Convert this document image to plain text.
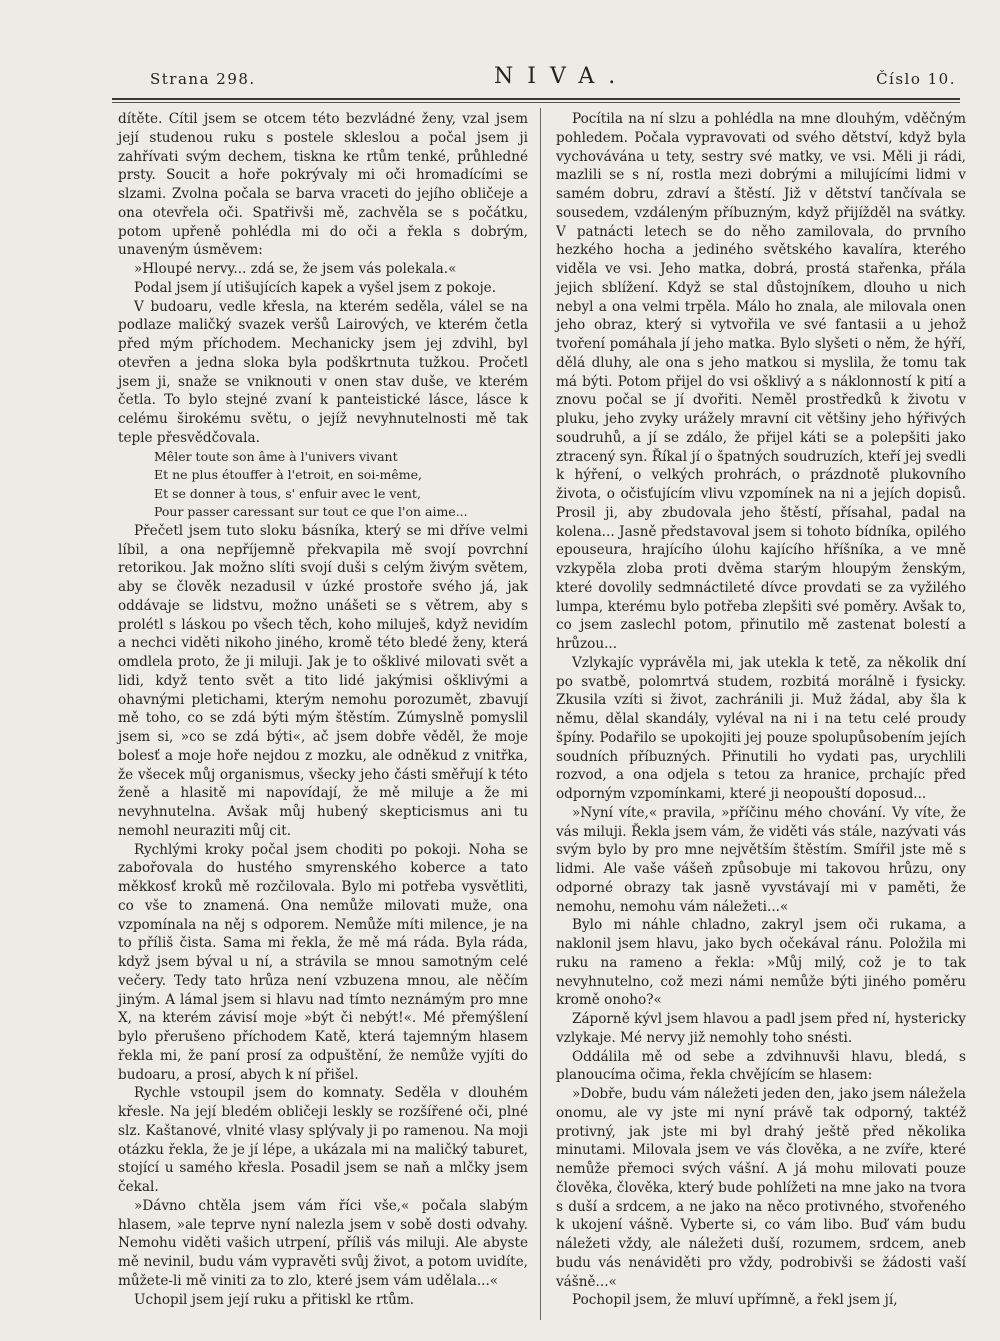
Strana 298.	NIVA.	Číslo 10.

dítěte. Cítil jsem se otcem této bezvládné ženy, vzal jsem její studenou ruku s postele skleslou a počal jsem ji zahřívati svým dechem, tiskna ke rtům tenké, průhledné prsty. Soucit a hoře pokrývaly mi oči hromadícími se slzami. Zvolna počala se barva vraceti do jejího obličeje a ona otevřela oči. Spatřivši mě, zachvěla se s počátku, potom upřeně pohlédla mi do oči a řekla s dobrým, unaveným úsměvem:

»Hloupé nervy... zdá se, že jsem vás polekala.«

Podal jsem jí utišujících kapek a vyšel jsem z pokoje.

V budoaru, vedle křesla, na kterém seděla, válel se na podlaze maličký svazek veršů Lairových, ve kterém četla před mým příchodem. Mechanicky jsem jej zdvihl, byl otevřen a jedna sloka byla podškrtnuta tužkou. Pročetl jsem ji, snaže se vniknouti v onen stav duše, ve kterém četla. To bylo stejné zvaní k panteistické lásce, lásce k celému širokému světu, o jejíž nevyhnutelnosti mě tak teple přesvědčovala.

Mêler toute son âme à l'univers vivant
Et ne plus étouffer à l'etroit, en soi-même,
Et se donner à tous, s' enfuir avec le vent,
Pour passer caressant sur tout ce que l'on aime...

Přečetl jsem tuto sloku básníka, který se mi dříve velmi líbil, a ona nepříjemně překvapila mě svojí povrchní retorikou. Jak možno slíti svojí duši s celým živým světem, aby se člověk nezadusil v úzké prostoře svého já, jak oddávaje se lidstvu, možno unášeti se s větrem, aby s prolétl s láskou po všech těch, koho miluješ, když nevidím a nechci viděti nikoho jiného, kromě této bledé ženy, která omdlela proto, že ji miluji. Jak je to ošklivé milovati svět a lidi, když tento svět a tito lidé jakýmisi ošklivými a ohavnými pletichami, kterým nemohu porozumět, zbavují mě toho, co se zdá býti mým štěstím. Zúmyslně pomyslil jsem si, »co se zdá býti«, ač jsem dobře věděl, že moje bolesť a moje hoře nejdou z mozku, ale odněkud z vnitřka, že všecek můj organismus, všecky jeho části směřují k této ženě a hlasitě mi napovídají, že mě miluje a že mi nevyhnutelna. Avšak můj hubený skepticismus ani tu nemohl neuraziti můj cit.

Rychlými kroky počal jsem choditi po pokoji. Noha se zabořovala do hustého smyrenského koberce a tato měkkosť kroků mě rozčilovala. Bylo mi potřeba vysvětliti, co vše to znamená. Ona nemůže milovati muže, ona vzpomínala na něj s odporem. Nemůže míti milence, je na to příliš čista. Sama mi řekla, že mě má ráda. Byla ráda, když jsem býval u ní, a strávila se mnou samotným celé večery. Tedy tato hrůza není vzbuzena mnou, ale něčím jiným. A lámal jsem si hlavu nad tímto neznámým pro mne X, na kterém závisí moje »být či nebýt!«. Mé přemýšlení bylo přerušeno příchodem Katě, která tajemným hlasem řekla mi, že paní prosí za odpuštění, že nemůže vyjíti do budoaru, a prosí, abych k ní přišel.

Rychle vstoupil jsem do komnaty. Seděla v dlouhém křesle. Na její bledém obličeji leskly se rozšířené oči, plné slz. Kaštanové, vlnité vlasy splývaly ji po ramenou. Na moji otázku řekla, že je jí lépe, a ukázala mi na maličký taburet, stojící u samého křesla. Posadil jsem se naň a mlčky jsem čekal.

»Dávno chtěla jsem vám říci vše,« počala slabým hlasem, »ale teprve nyní nalezla jsem v sobě dosti odvahy. Nemohu viděti vašich utrpení, příliš vás miluji. Ale abyste mě nevinil, budu vám vypravěti svůj život, a potom uvidíte, můžete-li mě viniti za to zlo, které jsem vám udělala...«

Uchopil jsem její ruku a přitiskl ke rtům.

Pocítila na ní slzu a pohlédla na mne dlouhým, vděčným pohledem. Počala vypravovati od svého dětství, když byla vychovávána u tety, sestry své matky, ve vsi. Měli ji rádi, mazlili se s ní, rostla mezi dobrými a milujícími lidmi v samém dobru, zdraví a štěstí. Již v dětství tančívala se sousedem, vzdáleným příbuzným, když přijížděl na svátky. V patnácti letech se do něho zamilovala, do prvního hezkého hocha a jediného světského kavalíra, kterého viděla ve vsi. Jeho matka, dobrá, prostá stařenka, přála jejich sblížení. Když se stal důstojníkem, dlouho u nich nebyl a ona velmi trpěla. Málo ho znala, ale milovala onen jeho obraz, který si vytvořila ve své fantasii a u jehož tvoření pomáhala jí jeho matka. Bylo slyšeti o něm, že hýří, dělá dluhy, ale ona s jeho matkou si myslila, že tomu tak má býti. Potom přijel do vsi ošklivý a s náklonností k pití a znovu počal se jí dvořiti. Neměl prostředků k životu v pluku, jeho zvyky urážely mravní cit většiny jeho hýřivých soudruhů, a jí se zdálo, že přijel káti se a polepšiti jako ztracený syn. Říkal jí o špatných soudruzích, kteří jej svedli k hýření, o velkých prohrách, o prázdnotě plukovního života, o očisťujícím vlivu vzpomínek na ni a jejích dopisů. Prosil ji, aby zbudovala jeho štěstí, přísahal, padal na kolena... Jasně představoval jsem si tohoto bídníka, opilého epouseura, hrajícího úlohu kajícího hříšníka, a ve mně vzkypěla zloba proti dvěma starým hloupým ženským, které dovolily sedmnáctileté dívce provdati se za vyžilého lumpa, kterému bylo potřeba zlepšiti své poměry. Avšak to, co jsem zaslechl potom, přinutilo mě zastenat bolestí a hrůzou...

Vzlykajíc vyprávěla mi, jak utekla k tetě, za několik dní po svatbě, polomrtvá studem, rozbitá morálně i fysicky. Zkusila vzíti si život, zachránili ji. Muž žádal, aby šla k němu, dělal skandály, vyléval na ni i na tetu celé proudy špíny. Podařilo se upokojiti jej pouze spolupůsobením jejích soudních příbuzných. Přinutili ho vydati pas, urychlili rozvod, a ona odjela s tetou za hranice, prchajíc před odporným vzpomínkami, které ji neopouští doposud...

»Nyní víte,« pravila, »příčinu mého chování. Vy víte, že vás miluji. Řekla jsem vám, že viděti vás stále, nazývati vás svým bylo by pro mne největším štěstím. Smířil jste mě s lidmi. Ale vaše vášeň způsobuje mi takovou hrůzu, ony odporné obrazy tak jasně vyvstávají mi v paměti, že nemohu, nemohu vám náležeti...«

Bylo mi náhle chladno, zakryl jsem oči rukama, a naklonil jsem hlavu, jako bych očekával ránu. Položila mi ruku na rameno a řekla: »Můj milý, což je to tak nevyhnutelno, což mezi námi nemůže býti jiného poměru kromě onoho?«

Záporně kývl jsem hlavou a padl jsem před ní, hystericky vzlykaje. Mé nervy již nemohly toho snésti.

Oddálila mě od sebe a zdvihnuvši hlavu, bledá, s planoucíma očima, řekla chvějícím se hlasem:

»Dobře, budu vám náležeti jeden den, jako jsem náležela onomu, ale vy jste mi nyní právě tak odporný, taktéž protivný, jak jste mi byl drahý ještě před několika minutami. Milovala jsem ve vás člověka, a ne zvíře, které nemůže přemoci svých vášní. A já mohu milovati pouze člověka, člověka, který bude pohlížeti na mne jako na tvora s duší a srdcem, a ne jako na něco protivného, stvořeného k ukojení vášně. Vyberte si, co vám libo. Buď vám budu náležeti vždy, ale náležeti duší, rozumem, srdcem, aneb budu vás nenáviděti pro vždy, podrobivši se žádosti vaší vášně...«

Pochopil jsem, že mluví upřímně, a řekl jsem jí,
